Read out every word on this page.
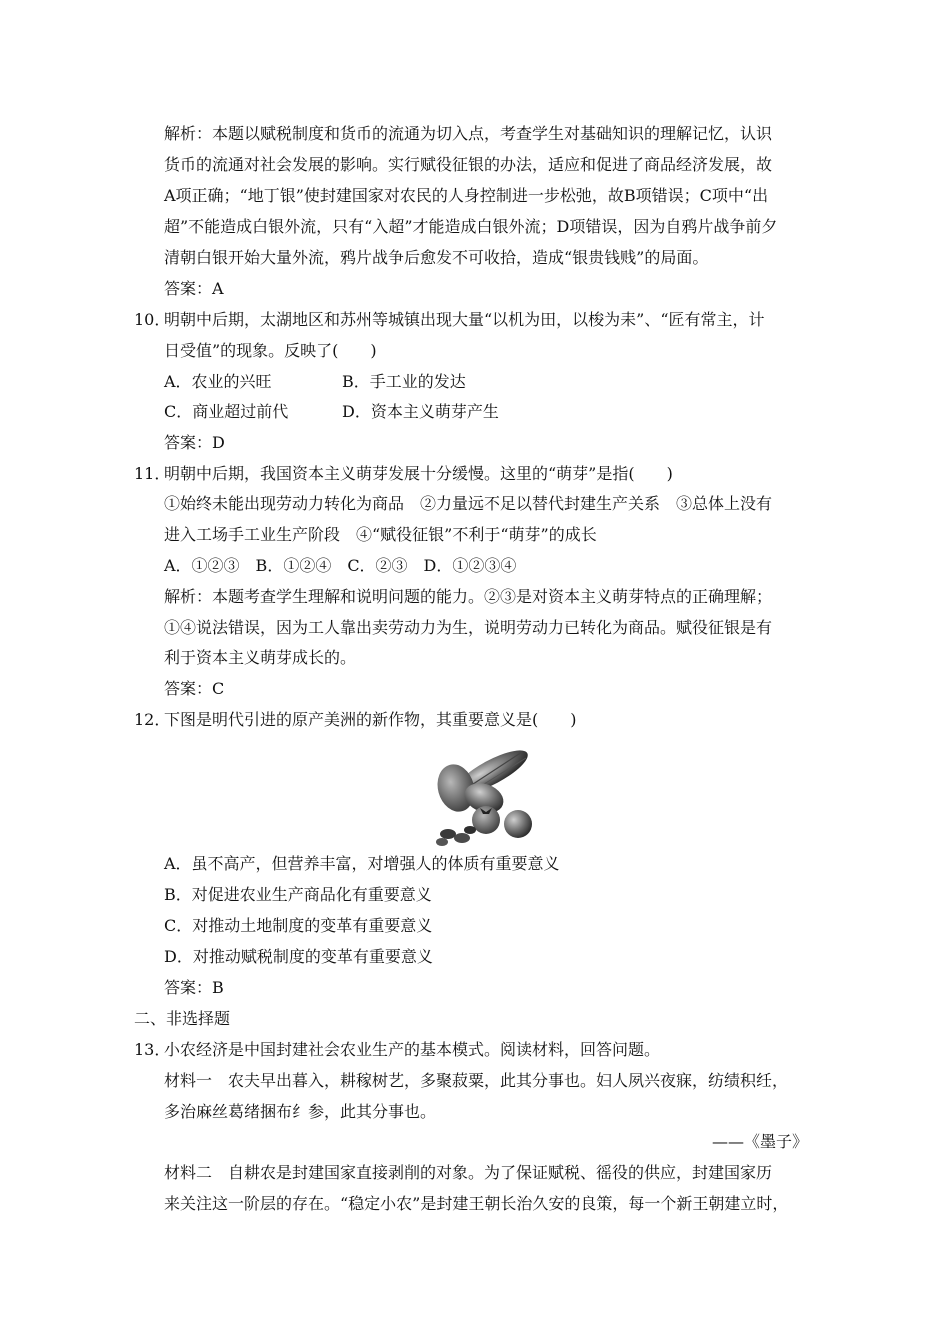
解析：本题以赋税制度和货币的流通为切入点，考查学生对基础知识的理解记忆，认识
货币的流通对社会发展的影响。实行赋役征银的办法，适应和促进了商品经济发展，故
A项正确；“地丁银”使封建国家对农民的人身控制进一步松弛，故B项错误；C项中“出
超”不能造成白银外流，只有“入超”才能造成白银外流；D项错误，因为自鸦片战争前夕
清朝白银开始大量外流，鸦片战争后愈发不可收拾，造成“银贵钱贱”的局面。
答案：A
10．
明朝中后期，太湖地区和苏州等城镇出现大量“以机为田，以梭为耒”、“匠有常主，计
日受值”的现象。反映了(　　)
A．农业的兴旺	B．手工业的发达
C．商业超过前代	D．资本主义萌芽产生
答案：D
11．
明朝中后期，我国资本主义萌芽发展十分缓慢。这里的“萌芽”是指(　　)
①始终未能出现劳动力转化为商品　②力量远不足以替代封建生产关系　③总体上没有
进入工场手工业生产阶段　④“赋役征银”不利于“萌芽”的成长
A．①②③　B．①②④　C．②③　D．①②③④
解析：本题考查学生理解和说明问题的能力。②③是对资本主义萌芽特点的正确理解；
①④说法错误，因为工人靠出卖劳动力为生，说明劳动力已转化为商品。赋役征银是有
利于资本主义萌芽成长的。
答案：C
12．
下图是明代引进的原产美洲的新作物，其重要意义是(　　)
A．虽不高产，但营养丰富，对增强人的体质有重要意义
B．对促进农业生产商品化有重要意义
C．对推动土地制度的变革有重要意义
D．对推动赋税制度的变革有重要意义
答案：B
二、非选择题
13．
小农经济是中国封建社会农业生产的基本模式。阅读材料，回答问题。
材料一　农夫早出暮入，耕稼树艺，多聚菽粟，此其分事也。妇人夙兴夜寐，纺绩积纴，
多治麻丝葛绪捆布纟参，此其分事也。
——《墨子》
材料二　自耕农是封建国家直接剥削的对象。为了保证赋税、徭役的供应，封建国家历
来关注这一阶层的存在。“稳定小农”是封建王朝长治久安的良策，每一个新王朝建立时，
